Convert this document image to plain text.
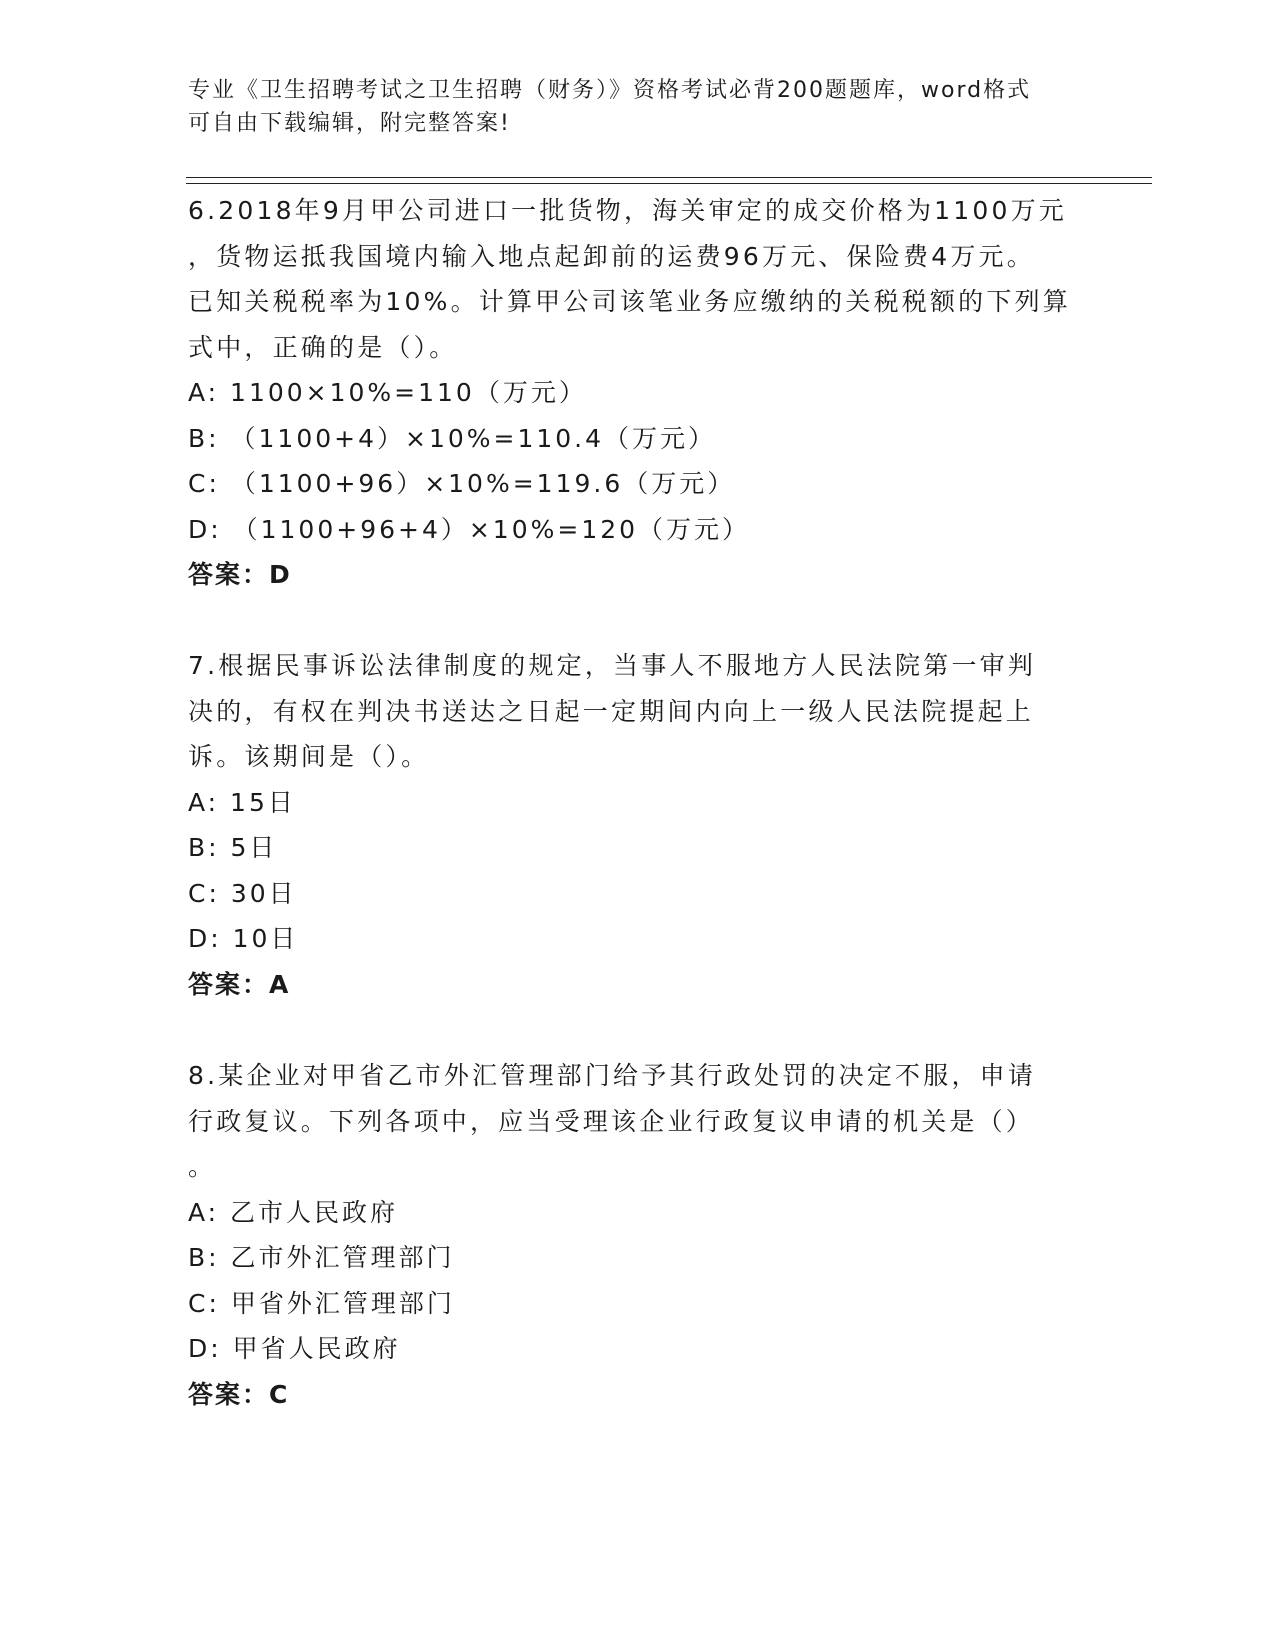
专业《卫生招聘考试之卫生招聘（财务）》资格考试必背200题题库，word格式
可自由下载编辑，附完整答案!
6.2018年9月甲公司进口一批货物，海关审定的成交价格为1100万元
，货物运抵我国境内输入地点起卸前的运费96万元、保险费4万元。
已知关税税率为10%。计算甲公司该笔业务应缴纳的关税税额的下列算
式中，正确的是（）。
A: 1100×10%=110（万元）
B: （1100+4）×10%=110.4（万元）
C: （1100+96）×10%=119.6（万元）
D: （1100+96+4）×10%=120（万元）
答案：D
7.根据民事诉讼法律制度的规定，当事人不服地方人民法院第一审判
决的，有权在判决书送达之日起一定期间内向上一级人民法院提起上
诉。该期间是（）。
A: 15日
B: 5日
C: 30日
D: 10日
答案：A
8.某企业对甲省乙市外汇管理部门给予其行政处罚的决定不服，申请
行政复议。下列各项中，应当受理该企业行政复议申请的机关是（）
。
A: 乙市人民政府
B: 乙市外汇管理部门
C: 甲省外汇管理部门
D: 甲省人民政府
答案：C
